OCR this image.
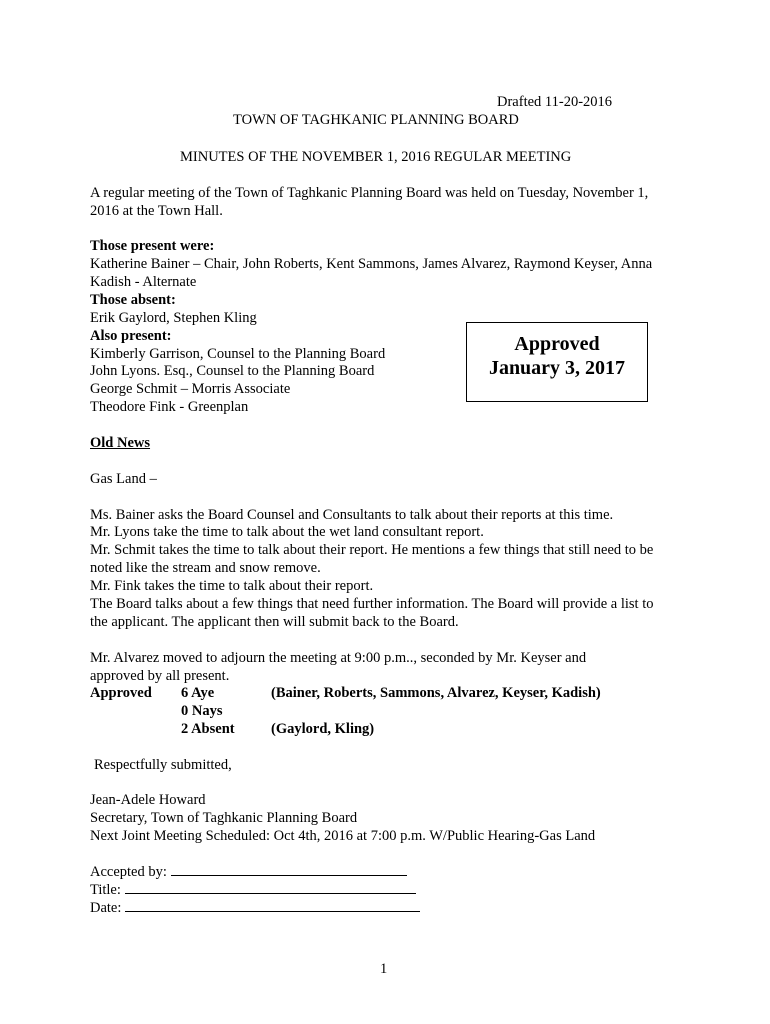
Drafted 11-20-2016
TOWN OF TAGHKANIC PLANNING BOARD
MINUTES OF THE NOVEMBER 1, 2016 REGULAR MEETING
A regular meeting of the Town of Taghkanic Planning Board was held on Tuesday, November 1,
2016 at the Town Hall.
Those present were:
Katherine Bainer – Chair, John Roberts, Kent Sammons, James Alvarez, Raymond Keyser, Anna
Kadish - Alternate
Those absent:
Erik Gaylord, Stephen Kling
Also present:
Kimberly Garrison, Counsel to the Planning Board
John Lyons. Esq., Counsel to the Planning Board
George Schmit – Morris Associate
Theodore Fink - Greenplan
Approved
January 3, 2017
Old News
Gas Land –
Ms. Bainer asks the Board Counsel and Consultants to talk about their reports at this time.
Mr. Lyons take the time to talk about the wet land consultant report.
Mr. Schmit takes the time to talk about their report. He mentions a few things that still need to be
noted like the stream and snow remove.
Mr. Fink takes the time to talk about their report.
The Board talks about a few things that need further information. The Board will provide a list to
the applicant. The applicant then will submit back to the Board.
Mr. Alvarez moved to adjourn the meeting at 9:00 p.m.., seconded by Mr. Keyser and
approved by all present.
Approved 6 Aye	(Bainer, Roberts, Sammons, Alvarez, Keyser, Kadish)
0 Nays
2 Absent	(Gaylord, Kling)
Respectfully submitted,
Jean-Adele Howard
Secretary, Town of Taghkanic Planning Board
Next Joint Meeting Scheduled: Oct 4th, 2016 at 7:00 p.m. W/Public Hearing-Gas Land
Accepted by:
Title:
Date:
1
